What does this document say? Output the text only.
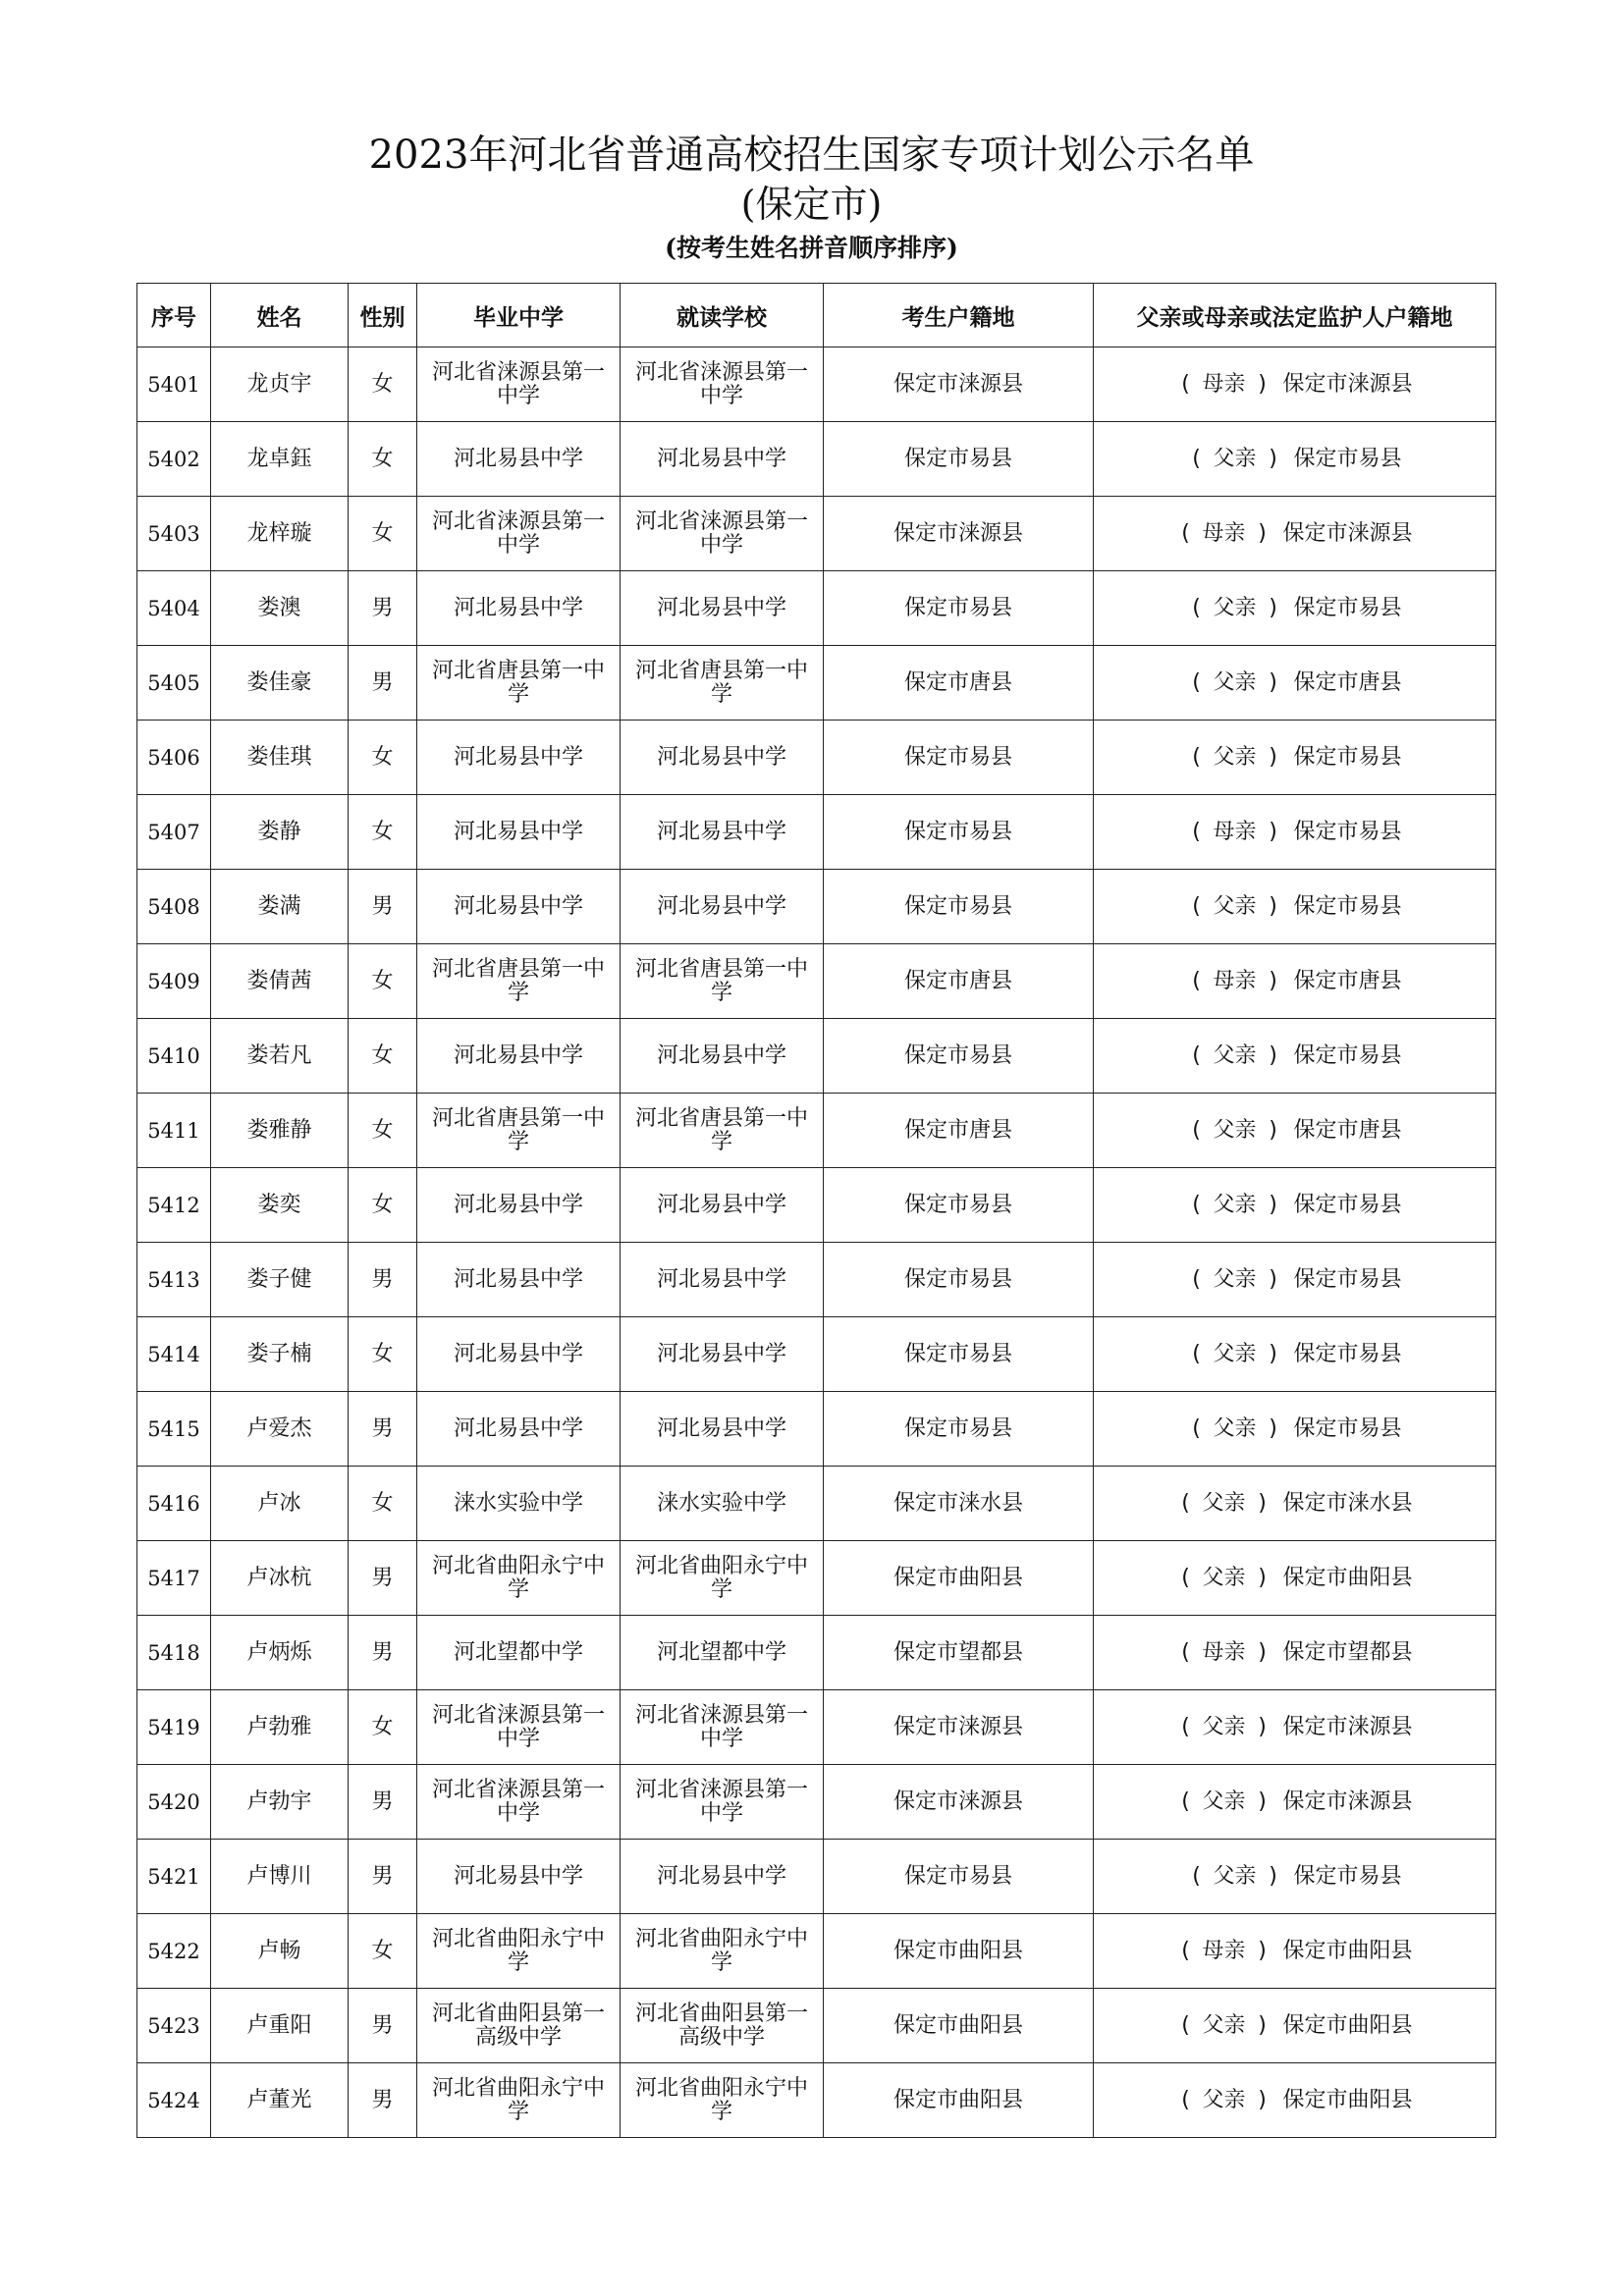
2023年河北省普通高校招生国家专项计划公示名单
(保定市)
(按考生姓名拼音顺序排序)
序号	姓名	性别	毕业中学	就读学校	考生户籍地	父亲或母亲或法定监护人户籍地
5401	龙贞宇	女	河北省涞源县第一中学	河北省涞源县第一中学	保定市涞源县	( 母亲 ) 保定市涞源县
5402	龙卓鈺	女	河北易县中学	河北易县中学	保定市易县	( 父亲 ) 保定市易县
5403	龙梓璇	女	河北省涞源县第一中学	河北省涞源县第一中学	保定市涞源县	( 母亲 ) 保定市涞源县
5404	娄澳	男	河北易县中学	河北易县中学	保定市易县	( 父亲 ) 保定市易县
5405	娄佳豪	男	河北省唐县第一中学	河北省唐县第一中学	保定市唐县	( 父亲 ) 保定市唐县
5406	娄佳琪	女	河北易县中学	河北易县中学	保定市易县	( 父亲 ) 保定市易县
5407	娄静	女	河北易县中学	河北易县中学	保定市易县	( 母亲 ) 保定市易县
5408	娄满	男	河北易县中学	河北易县中学	保定市易县	( 父亲 ) 保定市易县
5409	娄倩茜	女	河北省唐县第一中学	河北省唐县第一中学	保定市唐县	( 母亲 ) 保定市唐县
5410	娄若凡	女	河北易县中学	河北易县中学	保定市易县	( 父亲 ) 保定市易县
5411	娄雅静	女	河北省唐县第一中学	河北省唐县第一中学	保定市唐县	( 父亲 ) 保定市唐县
5412	娄奕	女	河北易县中学	河北易县中学	保定市易县	( 父亲 ) 保定市易县
5413	娄子健	男	河北易县中学	河北易县中学	保定市易县	( 父亲 ) 保定市易县
5414	娄子楠	女	河北易县中学	河北易县中学	保定市易县	( 父亲 ) 保定市易县
5415	卢爱杰	男	河北易县中学	河北易县中学	保定市易县	( 父亲 ) 保定市易县
5416	卢冰	女	涞水实验中学	涞水实验中学	保定市涞水县	( 父亲 ) 保定市涞水县
5417	卢冰杭	男	河北省曲阳永宁中学	河北省曲阳永宁中学	保定市曲阳县	( 父亲 ) 保定市曲阳县
5418	卢炳烁	男	河北望都中学	河北望都中学	保定市望都县	( 母亲 ) 保定市望都县
5419	卢勃雅	女	河北省涞源县第一中学	河北省涞源县第一中学	保定市涞源县	( 父亲 ) 保定市涞源县
5420	卢勃宇	男	河北省涞源县第一中学	河北省涞源县第一中学	保定市涞源县	( 父亲 ) 保定市涞源县
5421	卢博川	男	河北易县中学	河北易县中学	保定市易县	( 父亲 ) 保定市易县
5422	卢畅	女	河北省曲阳永宁中学	河北省曲阳永宁中学	保定市曲阳县	( 母亲 ) 保定市曲阳县
5423	卢重阳	男	河北省曲阳县第一高级中学	河北省曲阳县第一高级中学	保定市曲阳县	( 父亲 ) 保定市曲阳县
5424	卢董光	男	河北省曲阳永宁中学	河北省曲阳永宁中学	保定市曲阳县	( 父亲 ) 保定市曲阳县
